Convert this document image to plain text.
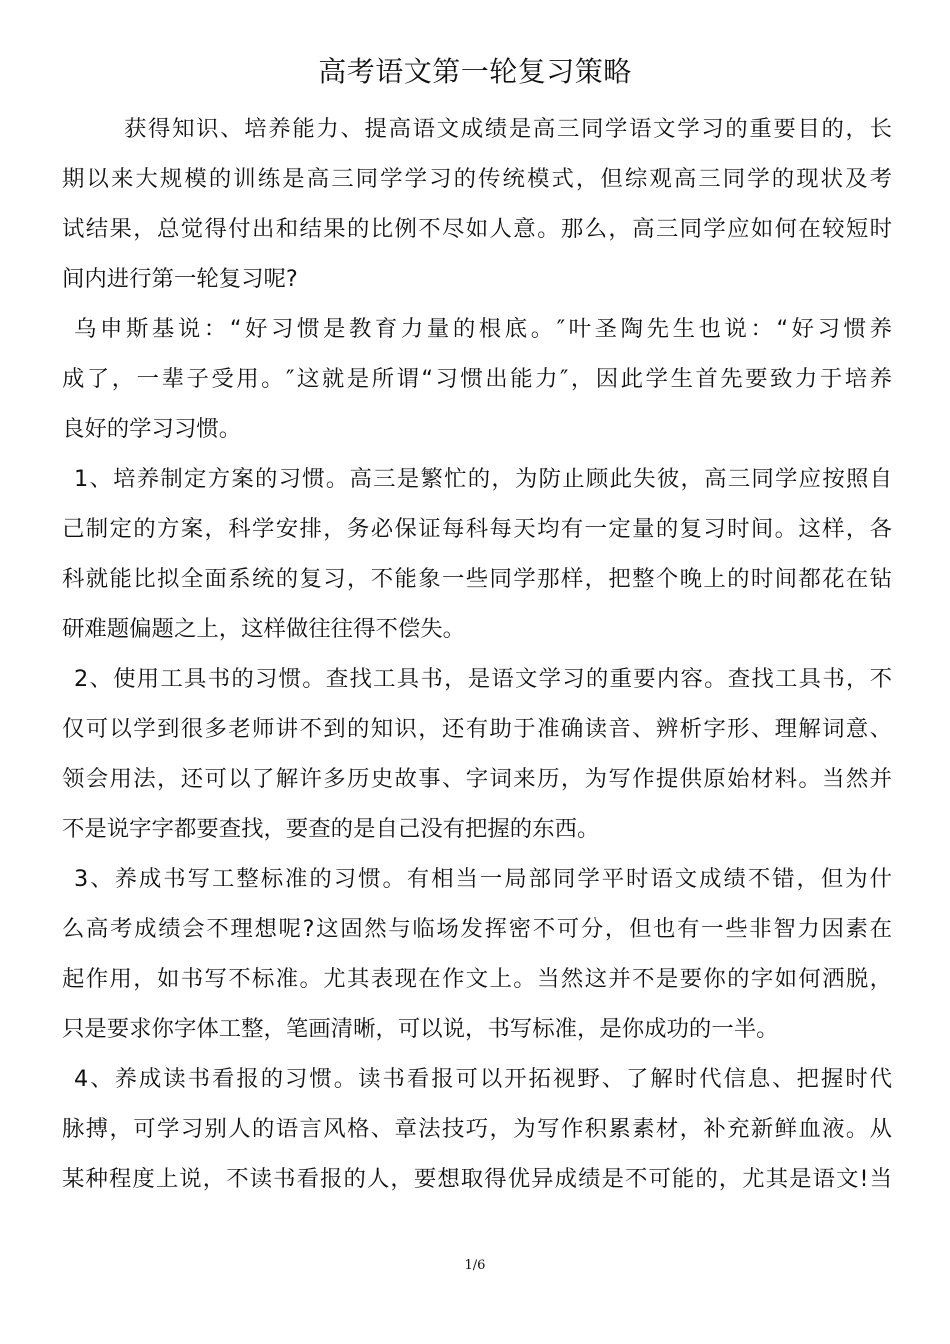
高考语文第一轮复习策略
获得知识、培养能力、提高语文成绩是高三同学语文学习的重要目的，长
期以来大规模的训练是高三同学学习的传统模式，但综观高三同学的现状及考
试结果，总觉得付出和结果的比例不尽如人意。那么，高三同学应如何在较短时
间内进行第一轮复习呢?
乌申斯基说：“好习惯是教育力量的根底。″叶圣陶先生也说：“好习惯养
成了，一辈子受用。″这就是所谓“习惯出能力″，因此学生首先要致力于培养
良好的学习习惯。
1、培养制定方案的习惯。高三是繁忙的，为防止顾此失彼，高三同学应按照自
己制定的方案，科学安排，务必保证每科每天均有一定量的复习时间。这样，各
科就能比拟全面系统的复习，不能象一些同学那样，把整个晚上的时间都花在钻
研难题偏题之上，这样做往往得不偿失。
2、使用工具书的习惯。查找工具书，是语文学习的重要内容。查找工具书，不
仅可以学到很多老师讲不到的知识，还有助于准确读音、辨析字形、理解词意、
领会用法，还可以了解许多历史故事、字词来历，为写作提供原始材料。当然并
不是说字字都要查找，要查的是自己没有把握的东西。
3、养成书写工整标准的习惯。有相当一局部同学平时语文成绩不错，但为什
么高考成绩会不理想呢?这固然与临场发挥密不可分，但也有一些非智力因素在
起作用，如书写不标准。尤其表现在作文上。当然这并不是要你的字如何洒脱，
只是要求你字体工整，笔画清晰，可以说，书写标准，是你成功的一半。
4、养成读书看报的习惯。读书看报可以开拓视野、了解时代信息、把握时代
脉搏，可学习别人的语言风格、章法技巧，为写作积累素材，补充新鲜血液。从
某种程度上说，不读书看报的人，要想取得优异成绩是不可能的，尤其是语文!当
1/6
